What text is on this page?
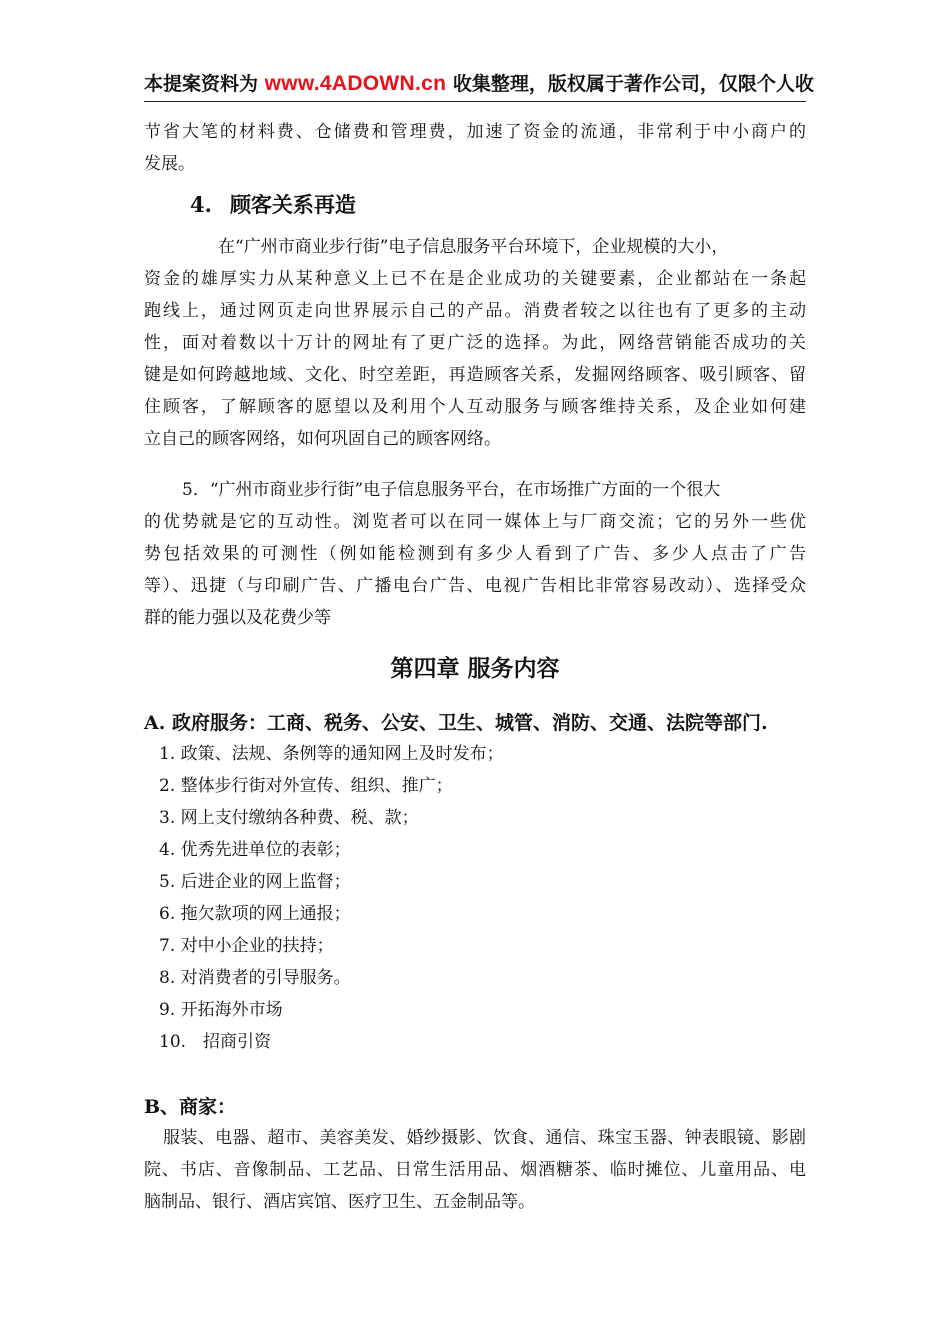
本提案资料为 www.4ADOWN.cn 收集整理，版权属于著作公司，仅限个人收

节省大笔的材料费、仓储费和管理费，加速了资金的流通，非常利于中小商户的
发展。

4. 顾客关系再造

在“广州市商业步行街”电子信息服务平台环境下，企业规模的大小，
资金的雄厚实力从某种意义上已不在是企业成功的关键要素，企业都站在一条起
跑线上，通过网页走向世界展示自己的产品。消费者较之以往也有了更多的主动
性，面对着数以十万计的网址有了更广泛的选择。为此，网络营销能否成功的关
键是如何跨越地域、文化、时空差距，再造顾客关系，发掘网络顾客、吸引顾客、留
住顾客，了解顾客的愿望以及利用个人互动服务与顾客维持关系，及企业如何建
立自己的顾客网络，如何巩固自己的顾客网络。

5．“广州市商业步行街”电子信息服务平台，在市场推广方面的一个很大
的优势就是它的互动性。浏览者可以在同一媒体上与厂商交流；它的另外一些优
势包括效果的可测性（例如能检测到有多少人看到了广告、多少人点击了广告
等）、迅捷（与印刷广告、广播电台广告、电视广告相比非常容易改动）、选择受众
群的能力强以及花费少等

第四章 服务内容
A. 政府服务：工商、税务、公安、卫生、城管、消防、交通、法院等部门.
1. 政策、法规、条例等的通知网上及时发布；
2. 整体步行街对外宣传、组织、推广；
3. 网上支付缴纳各种费、税、款；
4. 优秀先进单位的表彰；
5. 后进企业的网上监督；
6. 拖欠款项的网上通报；
7. 对中小企业的扶持；
8. 对消费者的引导服务。
9. 开拓海外市场
10. 招商引资
B、商家：

服装、电器、超市、美容美发、婚纱摄影、饮食、通信、珠宝玉器、钟表眼镜、影剧
院、书店、音像制品、工艺品、日常生活用品、烟酒糖茶、临时摊位、儿童用品、电
脑制品、银行、酒店宾馆、医疗卫生、五金制品等。
